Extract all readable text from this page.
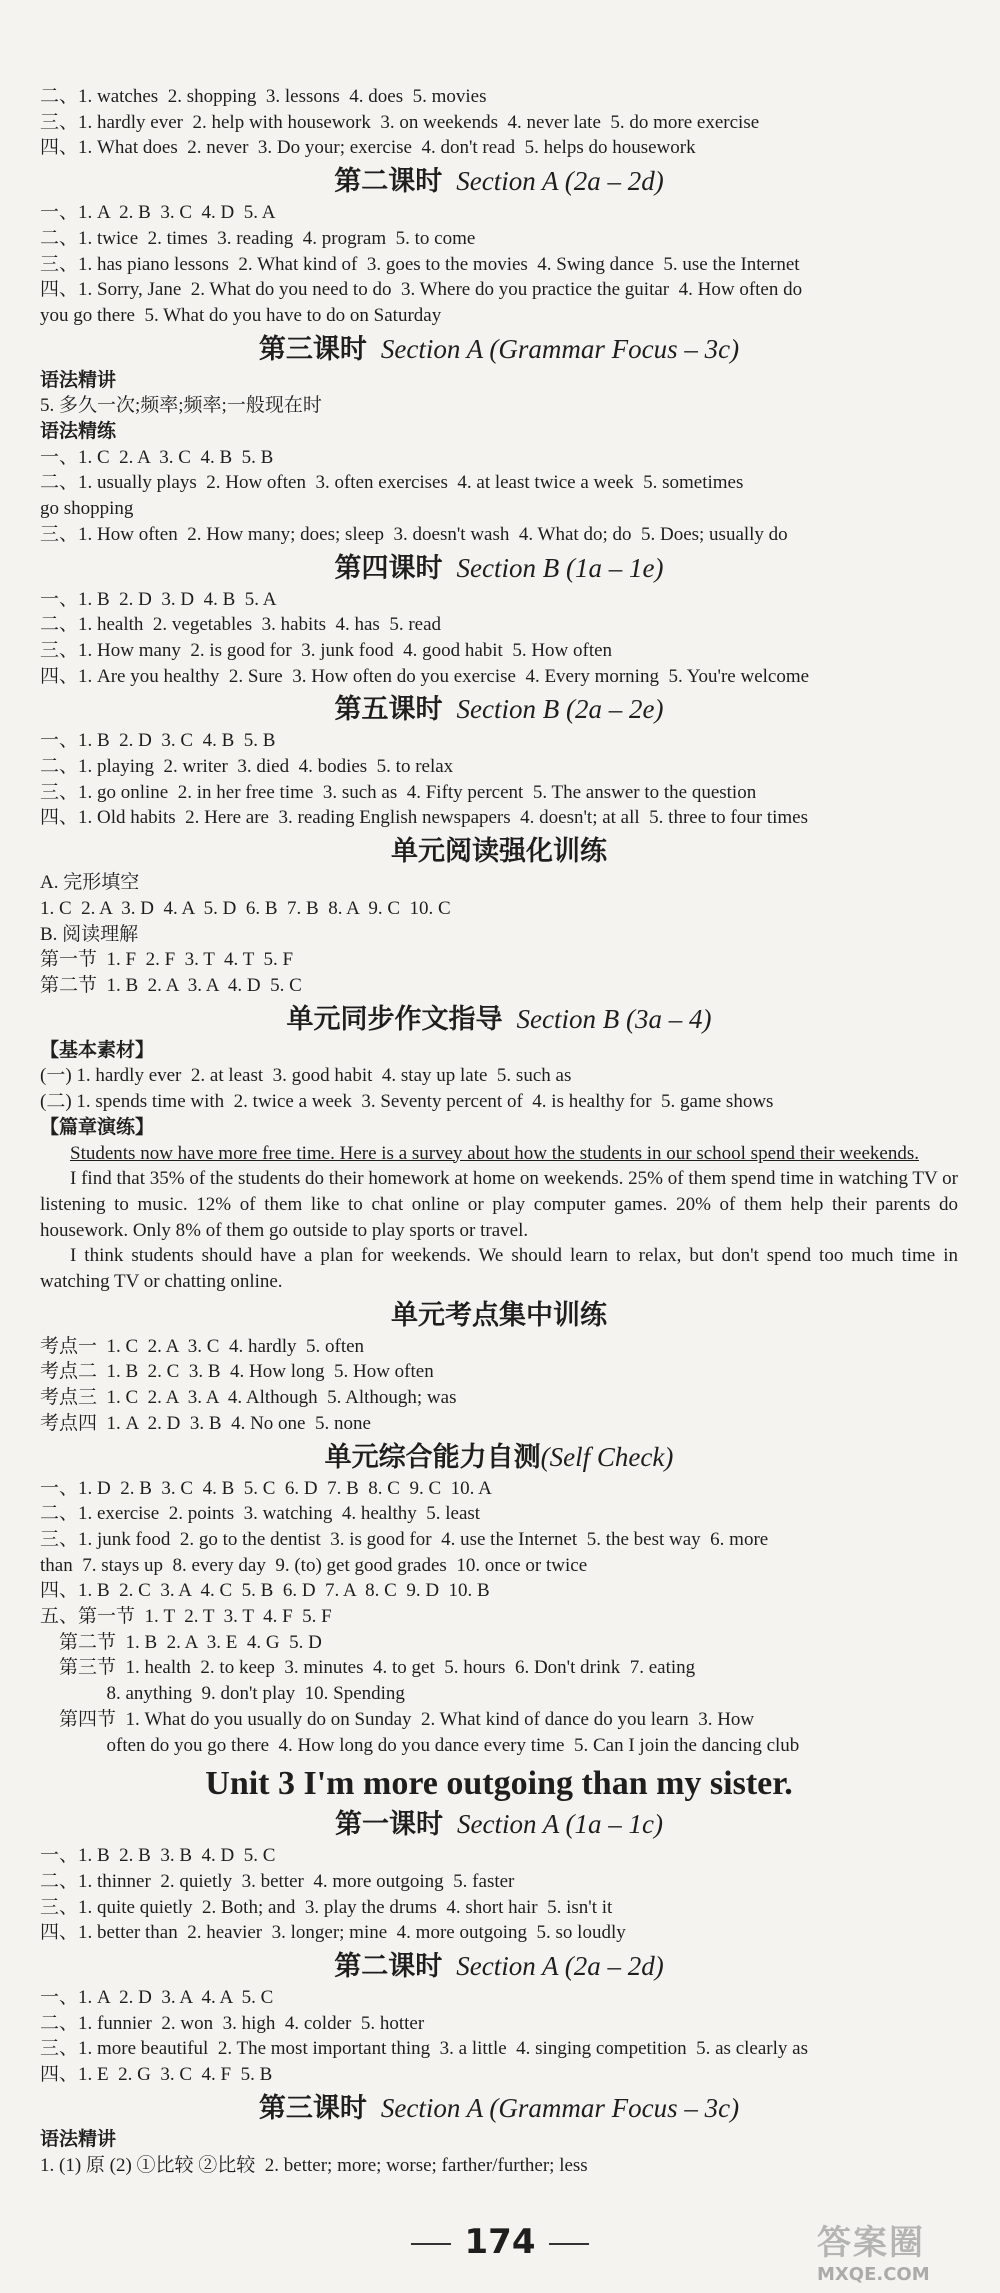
二、1. watches  2. shopping  3. lessons  4. does  5. movies
三、1. hardly ever  2. help with housework  3. on weekends  4. never late  5. do more exercise
四、1. What does  2. never  3. Do your; exercise  4. don't read  5. helps do housework
第二课时 Section A (2a – 2d)
一、1. A  2. B  3. C  4. D  5. A
二、1. twice  2. times  3. reading  4. program  5. to come
三、1. has piano lessons  2. What kind of  3. goes to the movies  4. Swing dance  5. use the Internet
四、1. Sorry, Jane  2. What do you need to do  3. Where do you practice the guitar  4. How often do
you go there  5. What do you have to do on Saturday
第三课时 Section A (Grammar Focus – 3c)
语法精讲
5. 多久一次;频率;频率;一般现在时
语法精练
一、1. C  2. A  3. C  4. B  5. B
二、1. usually plays  2. How often  3. often exercises  4. at least twice a week  5. sometimes
go shopping
三、1. How often  2. How many; does; sleep  3. doesn't wash  4. What do; do  5. Does; usually do
第四课时 Section B (1a – 1e)
一、1. B  2. D  3. D  4. B  5. A
二、1. health  2. vegetables  3. habits  4. has  5. read
三、1. How many  2. is good for  3. junk food  4. good habit  5. How often
四、1. Are you healthy  2. Sure  3. How often do you exercise  4. Every morning  5. You're welcome
第五课时 Section B (2a – 2e)
一、1. B  2. D  3. C  4. B  5. B
二、1. playing  2. writer  3. died  4. bodies  5. to relax
三、1. go online  2. in her free time  3. such as  4. Fifty percent  5. The answer to the question
四、1. Old habits  2. Here are  3. reading English newspapers  4. doesn't; at all  5. three to four times
单元阅读强化训练
A. 完形填空
1. C  2. A  3. D  4. A  5. D  6. B  7. B  8. A  9. C  10. C
B. 阅读理解
第一节  1. F  2. F  3. T  4. T  5. F
第二节  1. B  2. A  3. A  4. D  5. C
单元同步作文指导 Section B (3a – 4)
【基本素材】
(一) 1. hardly ever  2. at least  3. good habit  4. stay up late  5. such as
(二) 1. spends time with  2. twice a week  3. Seventy percent of  4. is healthy for  5. game shows
【篇章演练】
Students now have more free time. Here is a survey about how the students in our school spend their weekends.
I find that 35% of the students do their homework at home on weekends. 25% of them spend time in watching TV or listening to music. 12% of them like to chat online or play computer games. 20% of them help their parents do housework. Only 8% of them go outside to play sports or travel.
I think students should have a plan for weekends. We should learn to relax, but don't spend too much time in watching TV or chatting online.
单元考点集中训练
考点一  1. C  2. A  3. C  4. hardly  5. often
考点二  1. B  2. C  3. B  4. How long  5. How often
考点三  1. C  2. A  3. A  4. Although  5. Although; was
考点四  1. A  2. D  3. B  4. No one  5. none
单元综合能力自测(Self Check)
一、1. D  2. B  3. C  4. B  5. C  6. D  7. B  8. C  9. C  10. A
二、1. exercise  2. points  3. watching  4. healthy  5. least
三、1. junk food  2. go to the dentist  3. is good for  4. use the Internet  5. the best way  6. more
than  7. stays up  8. every day  9. (to) get good grades  10. once or twice
四、1. B  2. C  3. A  4. C  5. B  6. D  7. A  8. C  9. D  10. B
五、第一节  1. T  2. T  3. T  4. F  5. F
第二节  1. B  2. A  3. E  4. G  5. D
第三节  1. health  2. to keep  3. minutes  4. to get  5. hours  6. Don't drink  7. eating
8. anything  9. don't play  10. Spending
第四节  1. What do you usually do on Sunday  2. What kind of dance do you learn  3. How
often do you go there  4. How long do you dance every time  5. Can I join the dancing club
Unit 3 I'm more outgoing than my sister.
第一课时 Section A (1a – 1c)
一、1. B  2. B  3. B  4. D  5. C
二、1. thinner  2. quietly  3. better  4. more outgoing  5. faster
三、1. quite quietly  2. Both; and  3. play the drums  4. short hair  5. isn't it
四、1. better than  2. heavier  3. longer; mine  4. more outgoing  5. so loudly
第二课时 Section A (2a – 2d)
一、1. A  2. D  3. A  4. A  5. C
二、1. funnier  2. won  3. high  4. colder  5. hotter
三、1. more beautiful  2. The most important thing  3. a little  4. singing competition  5. as clearly as
四、1. E  2. G  3. C  4. F  5. B
第三课时 Section A (Grammar Focus – 3c)
语法精讲
1. (1) 原 (2) ①比较 ②比较  2. better; more; worse; farther/further; less
174	答案圈
MXQE.COM
